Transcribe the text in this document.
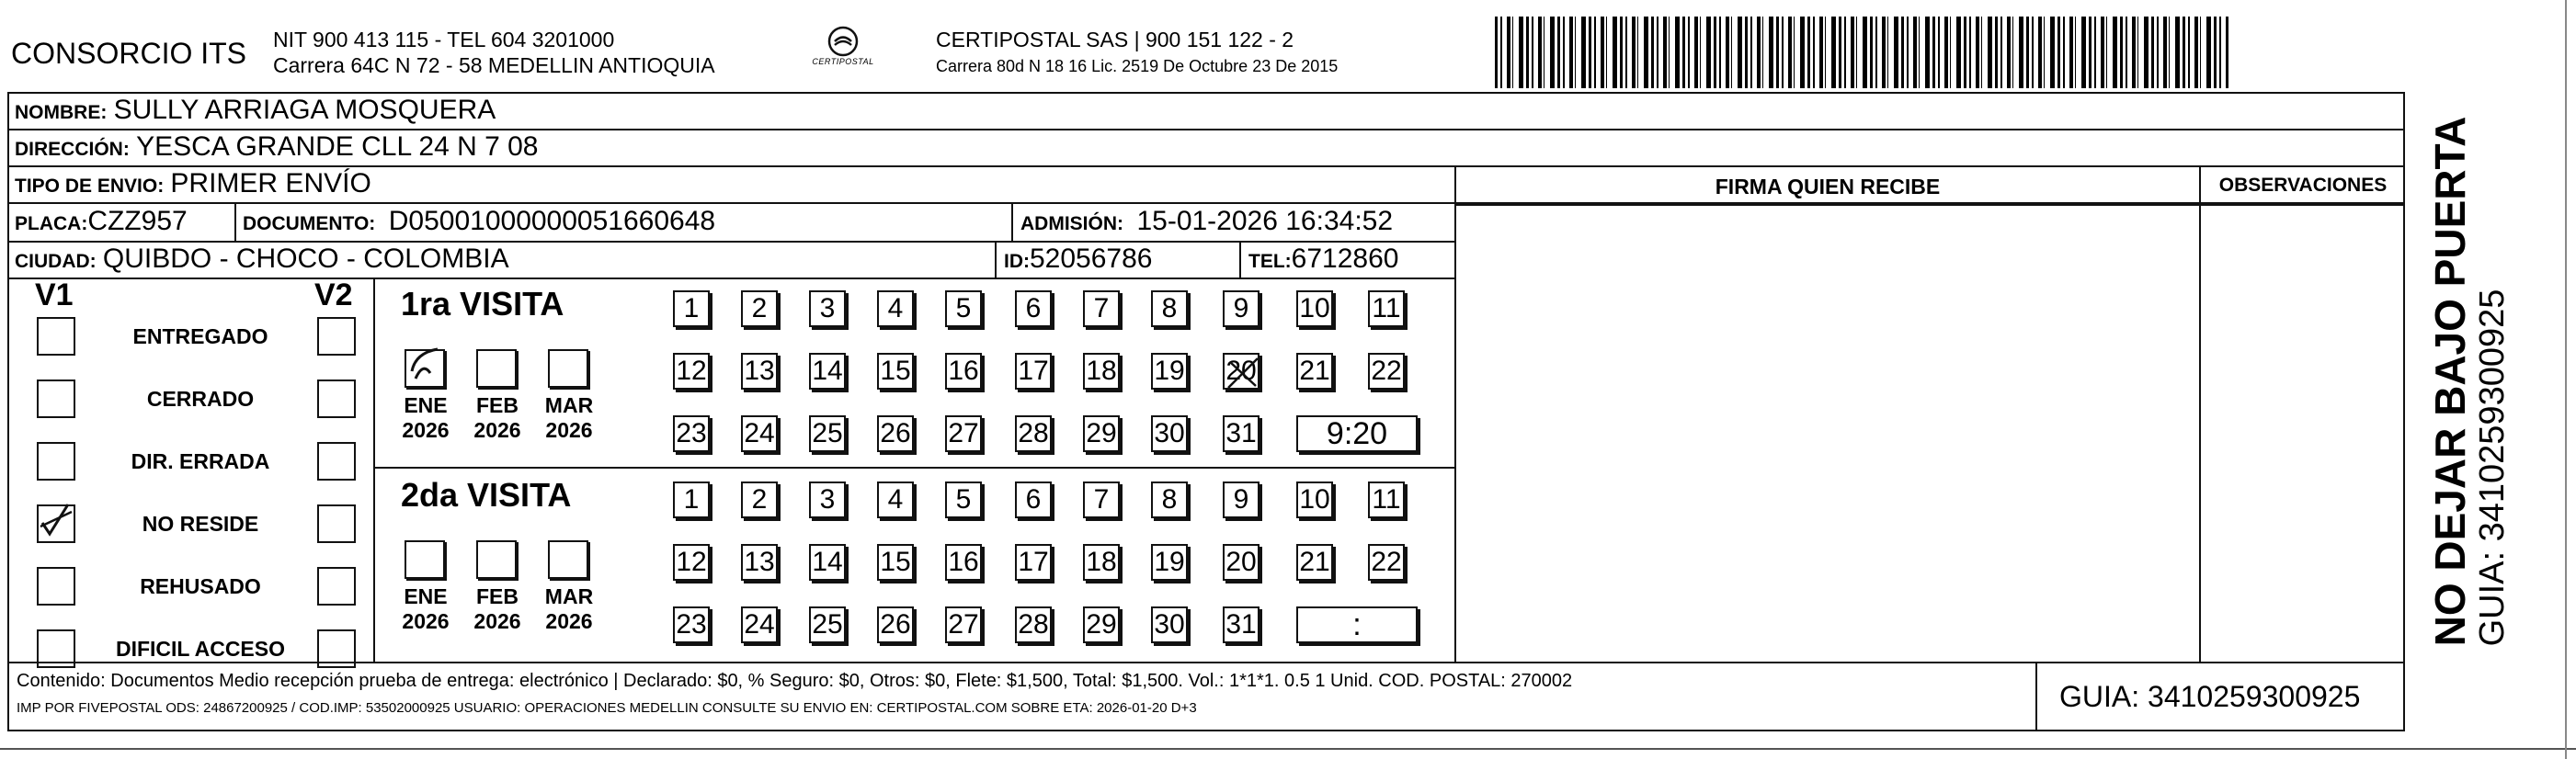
CONSORCIO ITS NIT 900 413 115 - TEL 604 3201000
Carrera 64C N 72 - 58 MEDELLIN ANTIOQUIA	CERTIPOSTAL
CERTIPOSTAL SAS | 900 151 122 - 2
Carrera 80d N 18 16 Lic. 2519 De Octubre 23 De 2015
NOMBRE: SULLY ARRIAGA MOSQUERA
DIRECCIÓN: YESCA GRANDE CLL 24 N 7 08
TIPO DE ENVIO: PRIMER ENVÍO	FIRMA QUIEN RECIBE	OBSERVACIONES
PLACA:CZZ957	DOCUMENTO: D05001000000051660648	ADMISIÓN: 15-01-2026 16:34:52
CIUDAD: QUIBDO - CHOCO - COLOMBIA	ID:52056786	TEL:6712860
V1	V2
ENTREGADO
CERRADO
DIR. ERRADA
NO RESIDE
REHUSADO
DIFICIL ACCESO
1ra VISITA
ENE
2026
FEB
2026
MAR
2026
1	2	3	4	5	6	7	8	9	10 11
12 13 14 15 16 17 18 19 20 21 22
23 24 25 26 27 28 29 30 31	9:20
2da VISITA
ENE
2026
FEB
2026
MAR
2026
1	2	3	4	5	6	7	8	9	10 11
12 13 14 15 16 17 18 19 20 21 22
23 24 25 26 27 28 29 30 31	:
Contenido: Documentos Medio recepción prueba de entrega: electrónico | Declarado: $0, % Seguro: $0, Otros: $0, Flete: $1,500, Total: $1,500. Vol.: 1*1*1. 0.5 1 Unid. COD. POSTAL: 270002
IMP POR FIVEPOSTAL ODS: 24867200925 / COD.IMP: 53502000925 USUARIO: OPERACIONES MEDELLIN CONSULTE SU ENVIO EN: CERTIPOSTAL.COM SOBRE ETA: 2026-01-20 D+3	GUIA: 3410259300925
NO DEJAR BAJO PUERTA GUIA: 3410259300925
